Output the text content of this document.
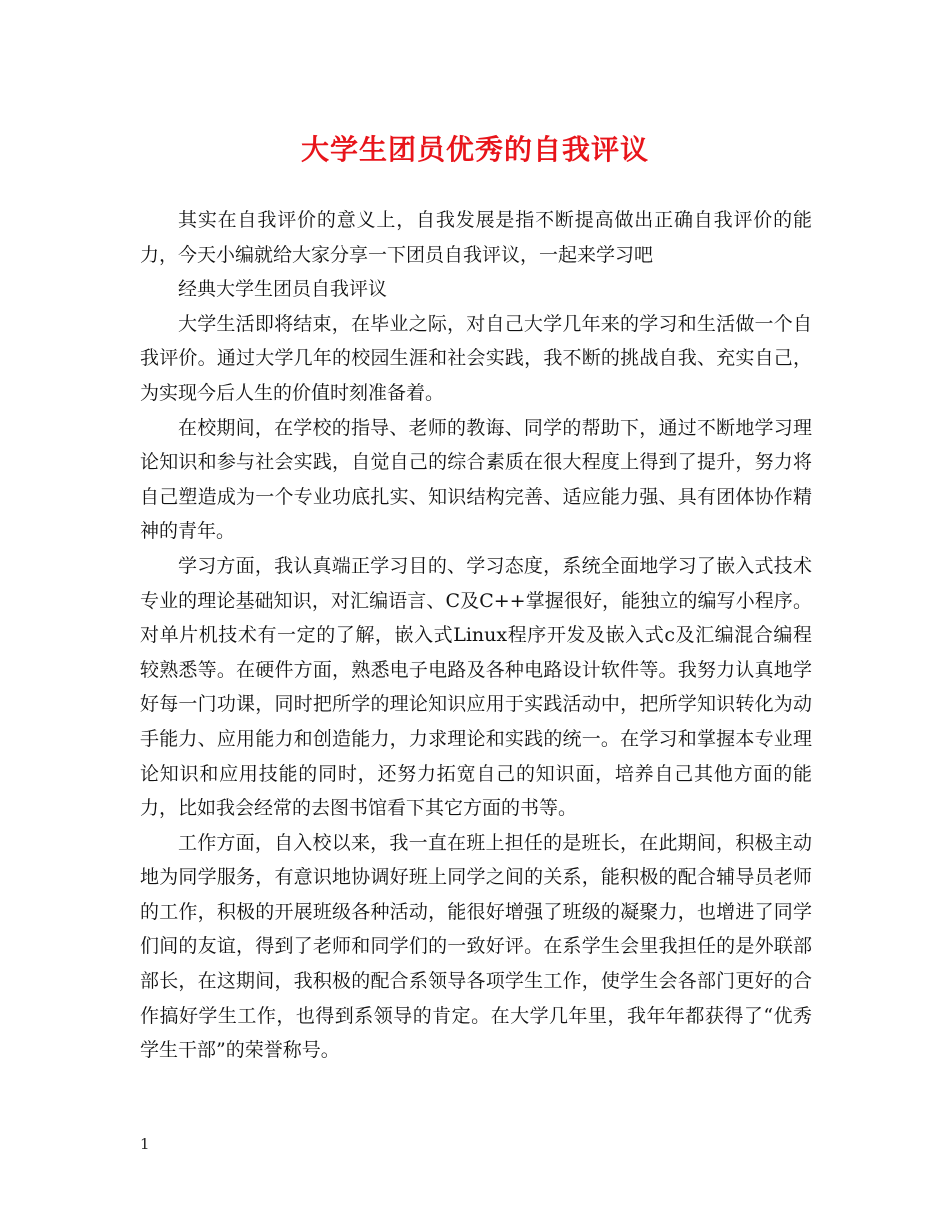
大学生团员优秀的自我评议

其实在自我评价的意义上，自我发展是指不断提高做出正确自我评价的能力，今天小编就给大家分享一下团员自我评议，一起来学习吧

经典大学生团员自我评议

大学生活即将结束，在毕业之际，对自己大学几年来的学习和生活做一个自我评价。通过大学几年的校园生涯和社会实践，我不断的挑战自我、充实自己，为实现今后人生的价值时刻准备着。

在校期间，在学校的指导、老师的教诲、同学的帮助下，通过不断地学习理论知识和参与社会实践，自觉自己的综合素质在很大程度上得到了提升，努力将自己塑造成为一个专业功底扎实、知识结构完善、适应能力强、具有团体协作精神的青年。

学习方面，我认真端正学习目的、学习态度，系统全面地学习了嵌入式技术专业的理论基础知识，对汇编语言、C及C++掌握很好，能独立的编写小程序。对单片机技术有一定的了解，嵌入式Linux程序开发及嵌入式c及汇编混合编程较熟悉等。在硬件方面，熟悉电子电路及各种电路设计软件等。我努力认真地学好每一门功课，同时把所学的理论知识应用于实践活动中，把所学知识转化为动手能力、应用能力和创造能力，力求理论和实践的统一。在学习和掌握本专业理论知识和应用技能的同时，还努力拓宽自己的知识面，培养自己其他方面的能力，比如我会经常的去图书馆看下其它方面的书等。

工作方面，自入校以来，我一直在班上担任的是班长，在此期间，积极主动地为同学服务，有意识地协调好班上同学之间的关系，能积极的配合辅导员老师的工作，积极的开展班级各种活动，能很好增强了班级的凝聚力，也增进了同学们间的友谊，得到了老师和同学们的一致好评。在系学生会里我担任的是外联部部长，在这期间，我积极的配合系领导各项学生工作，使学生会各部门更好的合作搞好学生工作，也得到系领导的肯定。在大学几年里，我年年都获得了“优秀学生干部”的荣誉称号。

1
